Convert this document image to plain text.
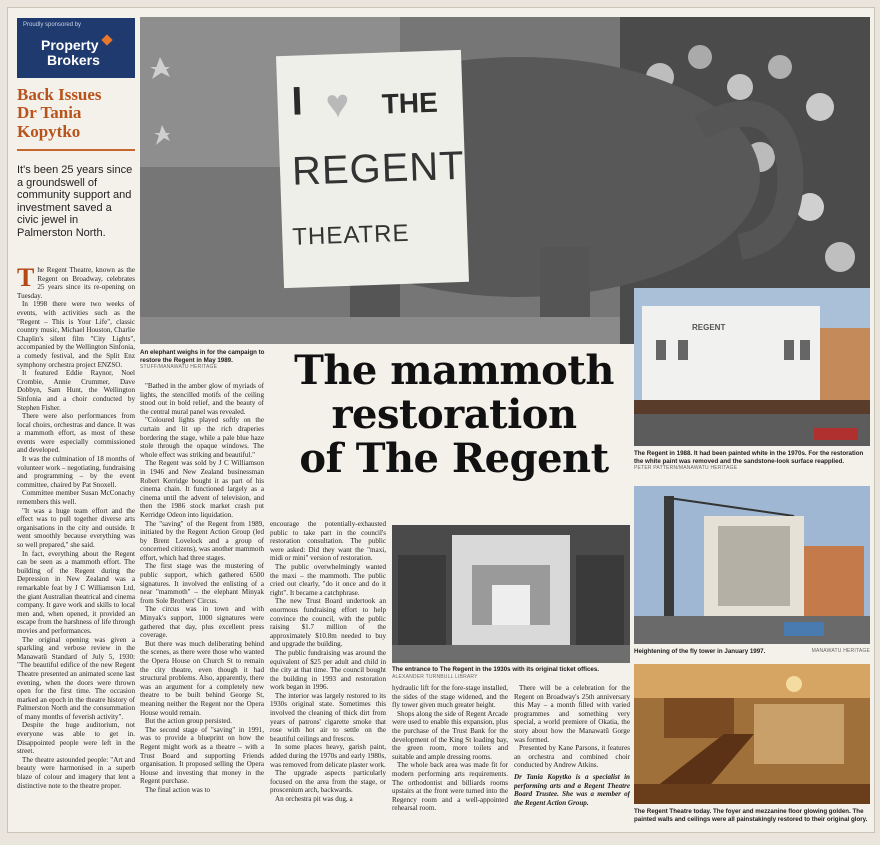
Proudly sponsored by
Property
Brokers
Back Issues
Dr Tania
Kopytko
It's been 25 years since a groundswell of community support and investment saved a civic jewel in Palmerston North.
I ♥ THE
REGENT
THEATRE
An elephant weighs in for the campaign to restore the Regent in May 1989.
STUFF/MANAWATU HERITAGE	The mammoth
restoration
of The Regent
T he Regent Theatre, known as the Regent on Broadway, celebrates 25 years since its re-opening on Tuesday.

In 1998 there were two weeks of events, with activities such as the "Regent – This is Your Life", classic country music, Michael Houston, Charlie Chaplin's silent film "City Lights", accompanied by the Wellington Sinfonia, a comedy festival, and the Split Enz symphony orchestra project ENZSO.

It featured Eddie Raynor, Noel Crombie, Annie Crummer, Dave Dobbyn, Sam Hunt, the Wellington Sinfonia and a choir conducted by Stephen Fisher.

There were also performances from local choirs, orchestras and dance. It was a mammoth effort, as most of these events were especially commissioned and developed.

It was the culmination of 18 months of volunteer work – negotiating, fundraising and programming – by the event committee, chaired by Pat Snoxell.

Committee member Susan McConachy remembers this well.

"It was a huge team effort and the effect was to pull together diverse arts organisations in the city and outside. It went smoothly because everything was so well prepared," she said.

In fact, everything about the Regent can be seen as a mammoth effort. The building of the Regent during the Depression in New Zealand was a remarkable feat by J C Williamson Ltd, the giant Australian theatrical and cinema company. It gave work and skills to local men and, when opened, it provided an escape from the harshness of life through movies and performances.

The original opening was given a sparkling and verbose review in the Manawatū Standard of July 5, 1930: "The beautiful edifice of the new Regent Theatre presented an animated scene last evening, when the doors were thrown open for the first time. The occasion marked an epoch in the theatre history of Palmerston North and the consummation of many months of feverish activity".

Despite the huge auditorium, not everyone was able to get in. Disappointed people were left in the street.

The theatre astounded people: "Art and beauty were harmonised in a superb blaze of colour and imagery that lent a distinctive note to the theatre proper.

"Bathed in the amber glow of myriads of lights, the stencilled motifs of the ceiling stood out in bold relief, and the beauty of the central mural panel was revealed.

"Coloured lights played softly on the curtain and lit up the rich draperies bordering the stage, while a pale blue haze stole through the opaque windows. The whole effect was striking and beautiful."

The Regent was sold by J C Williamson in 1946 and New Zealand businessman Robert Kerridge bought it as part of his cinema chain. It functioned largely as a cinema until the advent of television, and then the 1986 stock market crash put Kerridge Odeon into liquidation.

The "saving" of the Regent from 1989, initiated by the Regent Action Group (led by Brent Lovelock and a group of concerned citizens), was another mammoth effort, which had three stages.

The first stage was the mustering of public support, which gathered 6500 signatures. It involved the enlisting of a near "mammoth" – the elephant Minyak from Sole Brothers' Circus.

The circus was in town and with Minyak's support, 1000 signatures were gathered that day, plus excellent press coverage.

But there was much deliberating behind the scenes, as there were those who wanted the Opera House on Church St to remain the city theatre, even though it had structural problems. Also, apparently, there was an argument for a completely new theatre to be built behind George St, meaning neither the Regent nor the Opera House would remain.

But the action group persisted.

The second stage of "saving" in 1991, was to provide a blueprint on how the Regent might work as a theatre – with a Trust Board and supporting Friends organisation. It proposed selling the Opera House and investing that money in the Regent purchase.

The final action was to

encourage the potentially-exhausted public to take part in the council's restoration consultation. The public were asked: Did they want the "maxi, midi or mini" version of restoration.

The public overwhelmingly wanted the maxi – the mammoth. The public cried out clearly, "do it once and do it right". It became a catchphrase.

The new Trust Board undertook an enormous fundraising effort to help convince the council, with the public raising $1.7 million of the approximately $10.8m needed to buy and upgrade the building.

The public fundraising was around the equivalent of $25 per adult and child in the city at that time. The council bought the building in 1993 and restoration work began in 1996.

The interior was largely restored to its 1930s original state. Sometimes this involved the cleaning of thick dirt from years of patrons' cigarette smoke that rose with hot air to settle on the beautiful ceilings and frescos.

In some places heavy, garish paint, added during the 1970s and early 1980s, was removed from delicate plaster work.

The upgrade aspects particularly focused on the area from the stage, or proscenium arch, backwards.

An orchestra pit was dug, a

The entrance to The Regent in the 1930s with its original ticket offices.
ALEXANDER TURNBULL LIBRARY

hydraulic lift for the fore-stage installed, the sides of the stage widened, and the fly tower given much greater height.

Shops along the side of Regent Arcade were used to enable this expansion, plus the purchase of the Trust Bank for the development of the King St loading bay, the green room, more toilets and suitable and ample dressing rooms.

The whole back area was made fit for modern performing arts requirements. The orthodontist and billiards rooms upstairs at the front were turned into the Regency room and a well-appointed rehearsal room.

There will be a celebration for the Regent on Broadway's 25th anniversary this May – a month filled with varied programmes and something very special, a world premiere of Okatia, the story about how the Manawatū Gorge was formed.

Presented by Kane Parsons, it features an orchestra and combined choir conducted by Andrew Atkins.

Dr Tania Kopytko is a specialist in performing arts and a Regent Theatre Board Trustee. She was a member of the Regent Action Group.

REGENT
The Regent in 1988. It had been painted white in the 1970s. For the restoration the white paint was removed and the sandstone-look surface reapplied.
PETER PATTERN/MANAWATU HERITAGE
Heightening of the fly tower in January 1997.	MANAWATU HERITAGE
The Regent Theatre today. The foyer and mezzanine floor glowing golden. The painted walls and ceilings were all painstakingly restored to their original glory.
